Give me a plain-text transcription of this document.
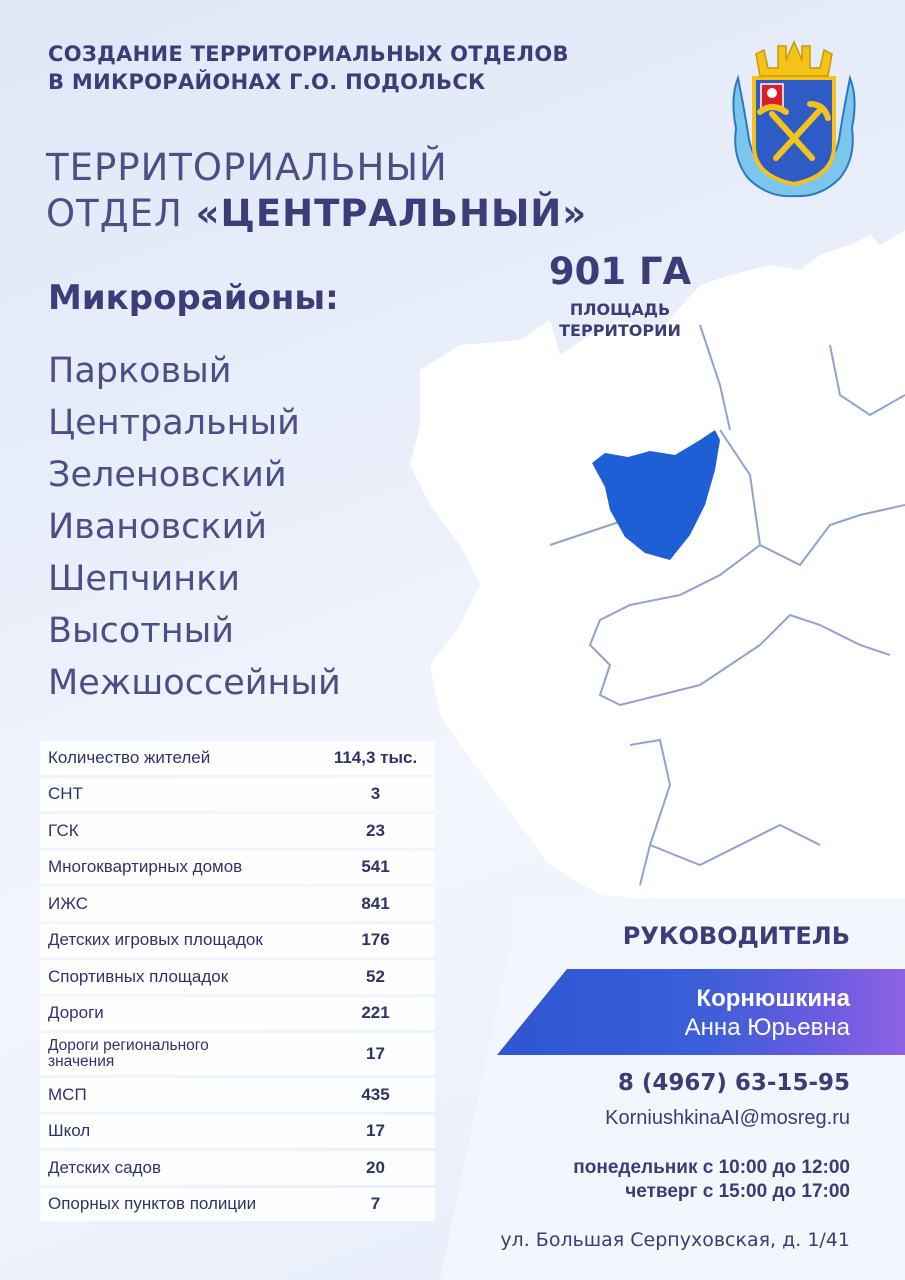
СОЗДАНИЕ ТЕРРИТОРИАЛЬНЫХ ОТДЕЛОВ
В МИКРОРАЙОНАХ Г.О. ПОДОЛЬСК
ТЕРРИТОРИАЛЬНЫЙ
ОТДЕЛ «ЦЕНТРАЛЬНЫЙ»
Микрорайоны:
Парковый
Центральный
Зеленовский
Ивановский
Шепчинки
Высотный
Межшоссейный
901 ГА
ПЛОЩАДЬ
ТЕРРИТОРИИ
Количество жителей	114,3 тыс.
СНТ	3
ГСК	23
Многоквартирных домов	541
ИЖС	841
Детских игровых площадок	176
Спортивных площадок	52
Дороги	221
Дороги регионального значения	17
МСП	435
Школ	17
Детских садов	20
Опорных пунктов полиции	7
РУКОВОДИТЕЛЬ
Корнюшкина
Анна Юрьевна
8 (4967) 63-15-95
KorniushkinaAI@mosreg.ru
понедельник с 10:00 до 12:00
четверг с 15:00 до 17:00
ул. Большая Серпуховская, д. 1/41
